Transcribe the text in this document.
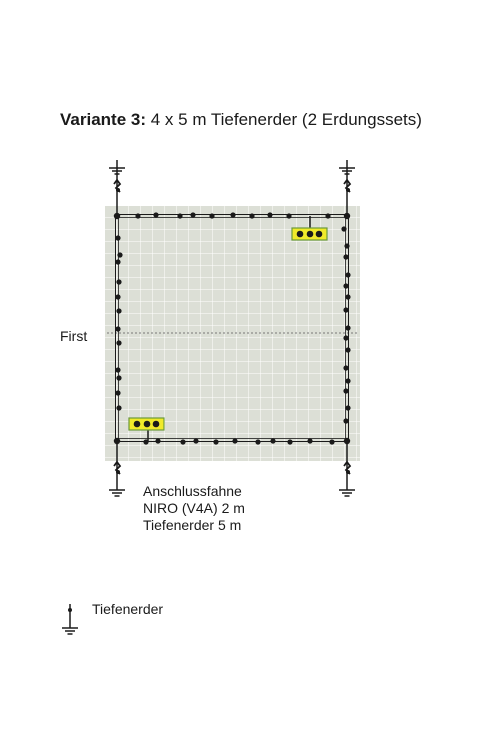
Variante 3: 4 x 5 m Tiefenerder (2 Erdungssets)
First
Anschlussfahne
NIRO (V4A) 2 m
Tiefenerder 5 m
Tiefenerder
